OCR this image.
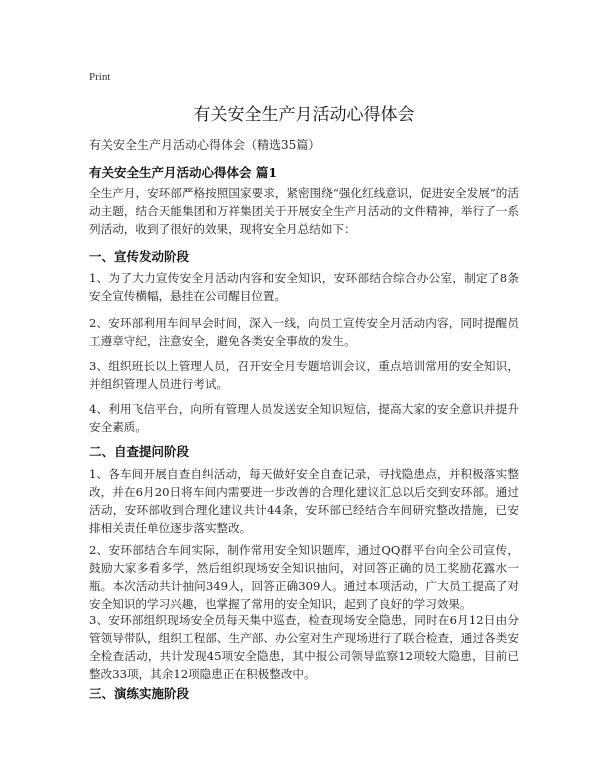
Print
有关安全生产月活动心得体会
有关安全生产月活动心得体会（精选35篇）
有关安全生产月活动心得体会 篇1
全生产月，安环部严格按照国家要求，紧密围绕“强化红线意识，促进安全发展”的活动主题，结合天能集团和万祥集团关于开展安全生产月活动的文件精神，举行了一系列活动，收到了很好的效果，现将安全月总结如下：
一、宣传发动阶段
1、为了大力宣传安全月活动内容和安全知识，安环部结合综合办公室，制定了8条安全宣传横幅，悬挂在公司醒目位置。
2、安环部利用车间早会时间，深入一线，向员工宣传安全月活动内容，同时提醒员工遵章守纪，注意安全，避免各类安全事故的发生。
3、组织班长以上管理人员，召开安全月专题培训会议，重点培训常用的安全知识，并组织管理人员进行考试。
4、利用飞信平台，向所有管理人员发送安全知识短信，提高大家的安全意识并提升安全素质。
二、自查提问阶段
1、各车间开展自查自纠活动，每天做好安全自查记录，寻找隐患点，并积极落实整改，并在6月20日将车间内需要进一步改善的合理化建议汇总以后交到安环部。通过活动，安环部收到合理化建议共计44条，安环部已经结合车间研究整改措施，已安排相关责任单位逐步落实整改。
2、安环部结合车间实际，制作常用安全知识题库，通过QQ群平台向全公司宣传，鼓励大家多看多学，然后组织现场安全知识抽问，对回答正确的员工奖励花露水一瓶。本次活动共计抽问349人，回答正确309人。通过本项活动，广大员工提高了对安全知识的学习兴趣，也掌握了常用的安全知识，起到了良好的学习效果。
3、安环部组织现场安全员每天集中巡查，检查现场安全隐患，同时在6月12日由分管领导带队，组织工程部、生产部、办公室对生产现场进行了联合检查，通过各类安全检查活动，共计发现45项安全隐患，其中报公司领导监察12项较大隐患，目前已整改33项，其余12项隐患正在积极整改中。
三、演练实施阶段
